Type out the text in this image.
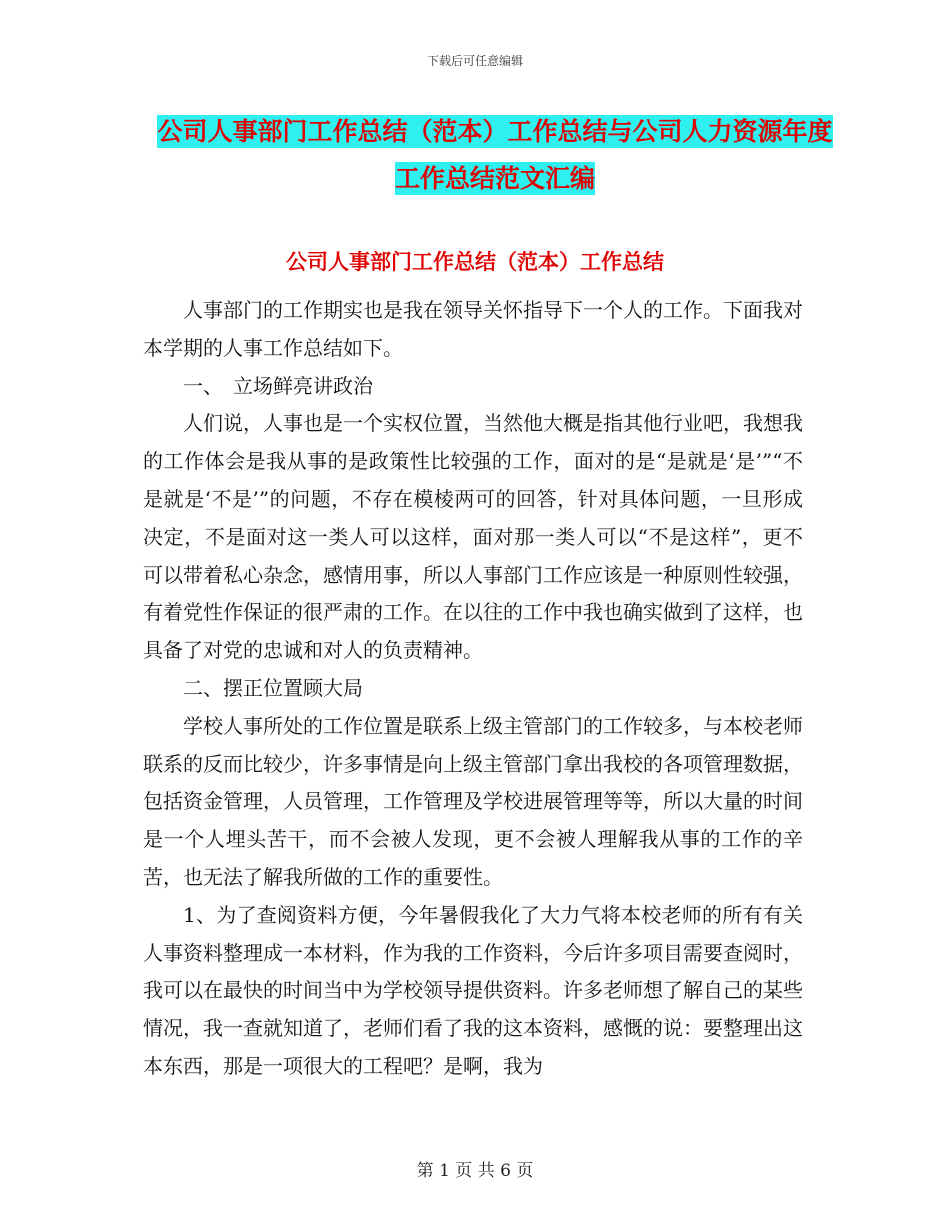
下载后可任意编辑
公司人事部门工作总结（范本）工作总结与公司人力资源年度工作总结范文汇编
公司人事部门工作总结（范本）工作总结

人事部门的工作期实也是我在领导关怀指导下一个人的工作。下面我对本学期的人事工作总结如下。

一、　立场鲜亮讲政治

人们说，人事也是一个实权位置，当然他大概是指其他行业吧，我想我的工作体会是我从事的是政策性比较强的工作，面对的是“是就是‘是’”“不是就是‘不是’”的问题，不存在模棱两可的回答，针对具体问题，一旦形成决定，不是面对这一类人可以这样，面对那一类人可以“不是这样”，更不可以带着私心杂念，感情用事，所以人事部门工作应该是一种原则性较强，有着党性作保证的很严肃的工作。在以往的工作中我也确实做到了这样，也具备了对党的忠诚和对人的负责精神。

二、摆正位置顾大局

学校人事所处的工作位置是联系上级主管部门的工作较多，与本校老师联系的反而比较少，许多事情是向上级主管部门拿出我校的各项管理数据，包括资金管理，人员管理，工作管理及学校进展管理等等，所以大量的时间是一个人埋头苦干，而不会被人发现，更不会被人理解我从事的工作的辛苦，也无法了解我所做的工作的重要性。

1、为了查阅资料方便，今年暑假我化了大力气将本校老师的所有有关人事资料整理成一本材料，作为我的工作资料，今后许多项目需要查阅时，我可以在最快的时间当中为学校领导提供资料。许多老师想了解自己的某些情况，我一查就知道了，老师们看了我的这本资料，感慨的说：要整理出这本东西，那是一项很大的工程吧？是啊，我为

第 1 页 共 6 页
